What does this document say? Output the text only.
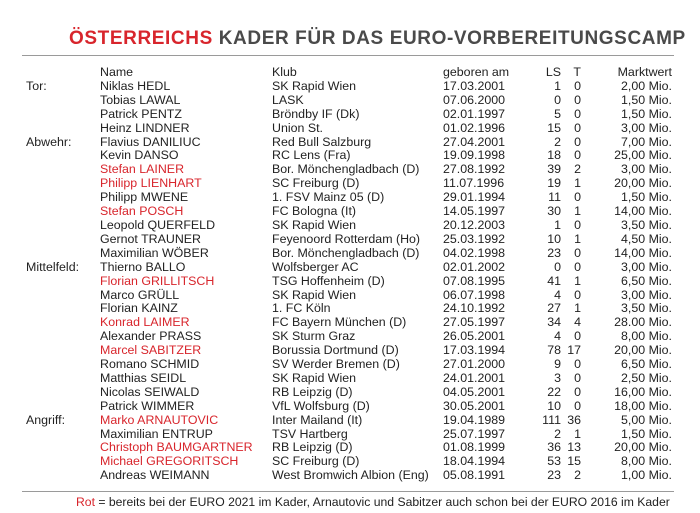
ÖSTERREICHS KADER FÜR DAS EURO-VORBEREITUNGSCAMP
	Name	Klub	geboren am	LS	T	Marktwert
Tor:	Niklas HEDL	SK Rapid Wien	17.03.2001	1	0	2,00 Mio.
	Tobias LAWAL	LASK	07.06.2000	0	0	1,50 Mio.
	Patrick PENTZ	Bröndby IF (Dk)	02.01.1997	5	0	1,50 Mio.
	Heinz LINDNER	Union St.	01.02.1996	15	0	3,00 Mio.
Abwehr:	Flavius DANILIUC	Red Bull Salzburg	27.04.2001	2	0	7,00 Mio.
	Kevin DANSO	RC Lens (Fra)	19.09.1998	18	0	25,00 Mio.
	Stefan LAINER	Bor. Mönchengladbach (D)	27.08.1992	39	2	3,00 Mio.
	Philipp LIENHART	SC Freiburg (D)	11.07.1996	19	1	20,00 Mio.
	Philipp MWENE	1. FSV Mainz 05 (D)	29.01.1994	11	0	1,50 Mio.
	Stefan POSCH	FC Bologna (It)	14.05.1997	30	1	14,00 Mio.
	Leopold QUERFELD	SK Rapid Wien	20.12.2003	1	0	3,50 Mio.
	Gernot TRAUNER	Feyenoord Rotterdam (Ho)	25.03.1992	10	1	4,50 Mio.
	Maximilian WÖBER	Bor. Mönchengladbach (D)	04.02.1998	23	0	14,00 Mio.
Mittelfeld:	Thierno BALLO	Wolfsberger AC	02.01.2002	0	0	3,00 Mio.
	Florian GRILLITSCH	TSG Hoffenheim (D)	07.08.1995	41	1	6,50 Mio.
	Marco GRÜLL	SK Rapid Wien	06.07.1998	4	0	3,00 Mio.
	Florian KAINZ	1. FC Köln	24.10.1992	27	1	3,50 Mio.
	Konrad LAIMER	FC Bayern München (D)	27.05.1997	34	4	28.00 Mio.
	Alexander PRASS	SK Sturm Graz	26.05.2001	4	0	8,00 Mio.
	Marcel SABITZER	Borussia Dortmund (D)	17.03.1994	78	17	20,00 Mio.
	Romano SCHMID	SV Werder Bremen (D)	27.01.2000	9	0	6,50 Mio.
	Matthias SEIDL	SK Rapid Wien	24.01.2001	3	0	2,50 Mio.
	Nicolas SEIWALD	RB Leipzig (D)	04.05.2001	22	0	16,00 Mio.
	Patrick WIMMER	VfL Wolfsburg (D)	30.05.2001	10	0	18,00 Mio.
Angriff:	Marko ARNAUTOVIC	Inter Mailand (It)	19.04.1989	111	36	5,00 Mio.
	Maximilian ENTRUP	TSV Hartberg	25.07.1997	2	1	1,50 Mio.
	Christoph BAUMGARTNER	RB Leipzig (D)	01.08.1999	36	13	20,00 Mio.
	Michael GREGORITSCH	SC Freiburg (D)	18.04.1994	53	15	8,00 Mio.
	Andreas WEIMANN	West Bromwich Albion (Eng)	05.08.1991	23	2	1,00 Mio.
Rot = bereits bei der EURO 2021 im Kader, Arnautovic und Sabitzer auch schon bei der EURO 2016 im Kader
